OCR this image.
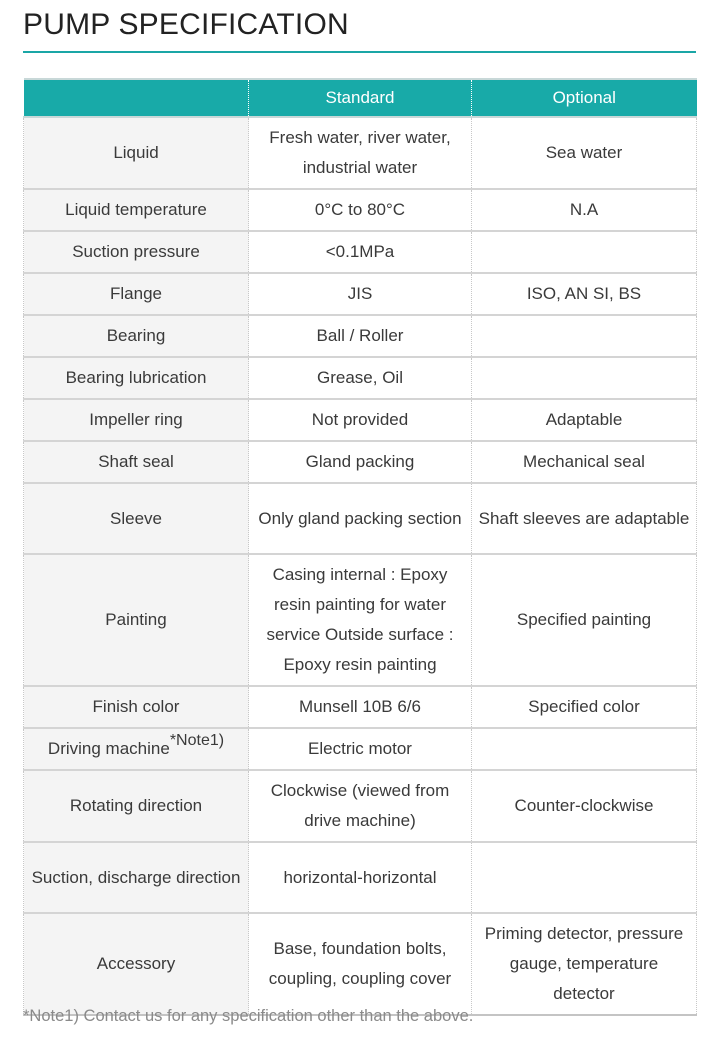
PUMP SPECIFICATION
	Standard	Optional
Liquid	Fresh water, river water, industrial water	Sea water
Liquid temperature	0°C to 80°C	N.A
Suction pressure	<0.1MPa	
Flange	JIS	ISO, AN SI, BS
Bearing	Ball / Roller	
Bearing lubrication	Grease, Oil	
Impeller ring	Not provided	Adaptable
Shaft seal	Gland packing	Mechanical seal
Sleeve	Only gland packing section	Shaft sleeves are adaptable
Painting	Casing internal : Epoxy resin painting for water service Outside surface : Epoxy resin painting	Specified painting
Finish color	Munsell 10B 6/6	Specified color
Driving machine*Note1)	Electric motor	
Rotating direction	Clockwise (viewed from drive machine)	Counter-clockwise
Suction, discharge direction	horizontal-horizontal	
Accessory	Base, foundation bolts, coupling, coupling cover	Priming detector, pressure gauge, temperature detector
*Note1) Contact us for any specification other than the above.
